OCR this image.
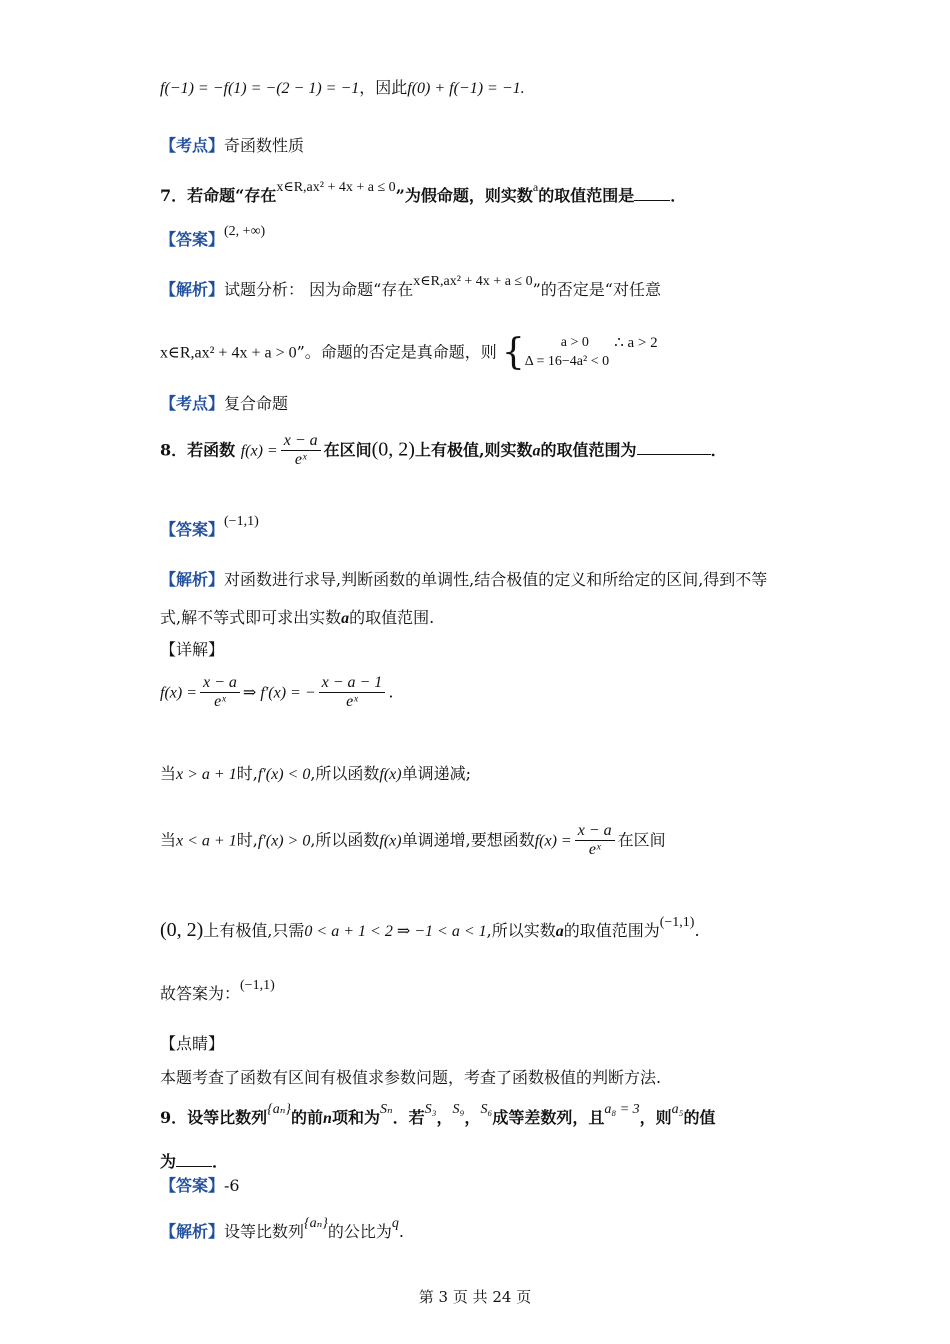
f(−1) = −f(1) = −(2 − 1) = −1，因此f(0) + f(−1) = −1.
【考点】奇函数性质
7．若命题“存在x∈R,ax² + 4x + a ≤ 0”为假命题，则实数$^a$的取值范围是 ．
【答案】(2, +∞)
【解析】试题分析： 因为命题“存在x∈R,ax² + 4x + a ≤ 0”的否定是“对任意
x∈R,ax² + 4x + a > 0”。命题的否定是真命题，则 {	a > 0
Δ = 16−4a² < 0
∴ a > 2
【考点】复合命题
8．若函数 $f(x) = \frac{x - a}{\text{eˣ}}$ 在区间(0, 2)上有极值,则实数a的取值范围为	．
【答案】(−1,1)
【解析】对函数进行求导,判断函数的单调性,结合极值的定义和所给定的区间,得到不等
式,解不等式即可求出实数a的取值范围.
【详解】
$f(x) = \frac{x - a}{\text{eˣ}}$ ⇒ f′(x) = − $\frac{x - a - 1}{\text{eˣ}}$ .
当x > a + 1时,f′(x) < 0,所以函数f(x)单调递减;
当x < a + 1时,f′(x) > 0,所以函数f(x)单调递增,要想函数$f(x) = \frac{x - a}{\text{eˣ}}$ 在区间
(0, 2)上有极值,只需0 < a + 1 < 2 ⇒ −1 < a < 1,所以实数a的取值范围为(−1,1).
故答案为：(−1,1)
【点睛】
本题考查了函数有区间有极值求参数问题，考查了函数极值的判断方法.
9．设等比数列{aₙ}的前n项和为Sₙ．若S₃，S₉，S₆成等差数列，且a₈ = 3，则a₅的值
为 ．
【答案】-6
【解析】设等比数列{aₙ}的公比为q.
第 3 页 共 24 页
